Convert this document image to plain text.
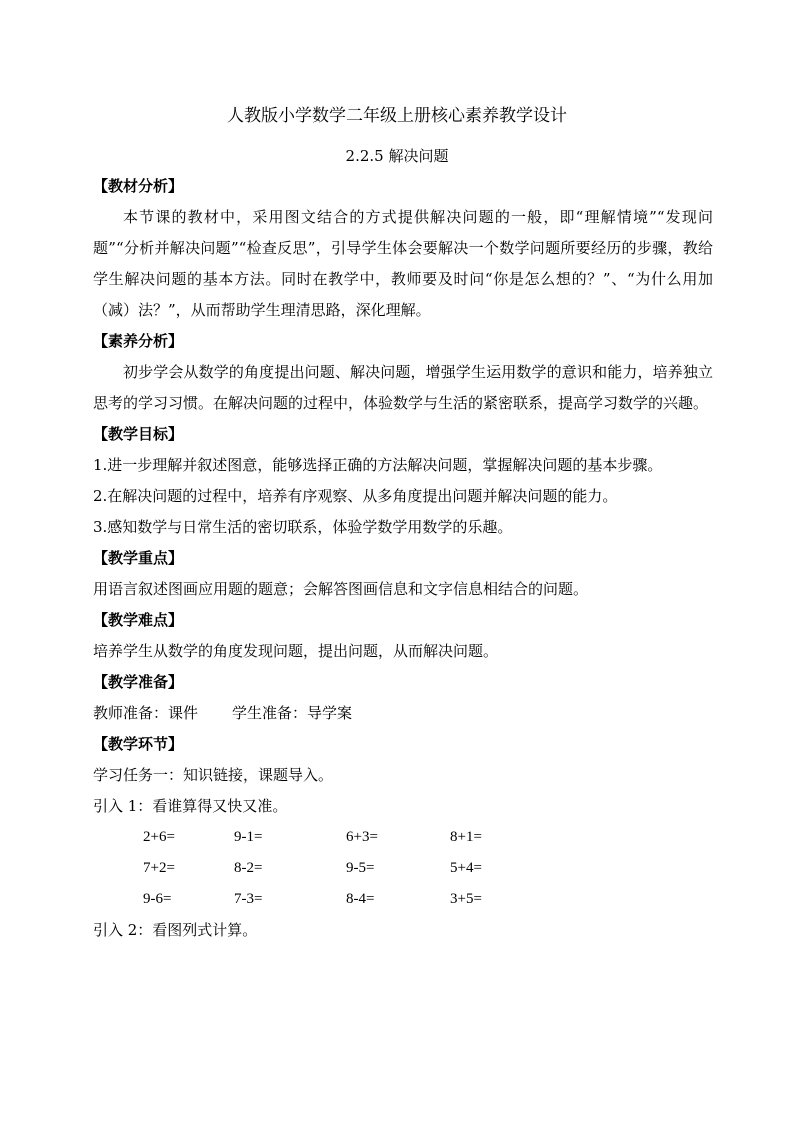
人教版小学数学二年级上册核心素养教学设计
2.2.5 解决问题
【教材分析】
本节课的教材中，采用图文结合的方式提供解决问题的一般，即“理解情境”“发现问题”“分析并解决问题”“检查反思”，引导学生体会要解决一个数学问题所要经历的步骤，教给学生解决问题的基本方法。同时在教学中，教师要及时问“你是怎么想的？”、“为什么用加（减）法？”，从而帮助学生理清思路，深化理解。
【素养分析】
初步学会从数学的角度提出问题、解决问题，增强学生运用数学的意识和能力，培养独立思考的学习习惯。在解决问题的过程中，体验数学与生活的紧密联系，提高学习数学的兴趣。
【教学目标】
1.进一步理解并叙述图意，能够选择正确的方法解决问题，掌握解决问题的基本步骤。
2.在解决问题的过程中，培养有序观察、从多角度提出问题并解决问题的能力。
3.感知数学与日常生活的密切联系，体验学数学用数学的乐趣。
【教学重点】
用语言叙述图画应用题的题意；会解答图画信息和文字信息相结合的问题。
【教学难点】
培养学生从数学的角度发现问题，提出问题，从而解决问题。
【教学准备】
教师准备：课件 学生准备：导学案
【教学环节】
学习任务一：知识链接，课题导入。
引入 1：看谁算得又快又准。
2+6=	9-1=	6+3=	8+1=
7+2=	8-2=	9-5=	5+4=
9-6=	7-3=	8-4=	3+5=
引入 2：看图列式计算。
